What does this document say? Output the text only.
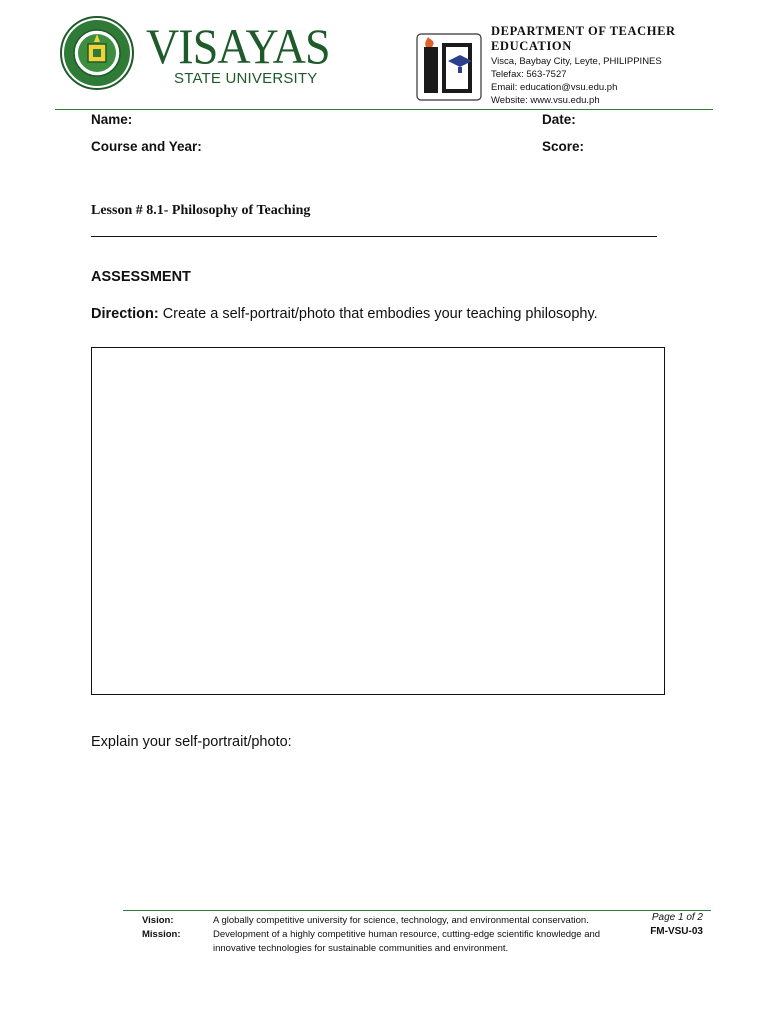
VISAYAS
STATE UNIVERSITY
DEPARTMENT OF TEACHER EDUCATION
Visca, Baybay City, Leyte, PHILIPPINES
Telefax: 563-7527
Email: education@vsu.edu.ph
Website: www.vsu.edu.ph
Name:	Date:
Course and Year:	Score:
Lesson # 8.1- Philosophy of Teaching
ASSESSMENT
Direction: Create a self-portrait/photo that embodies your teaching philosophy.
Explain your self-portrait/photo:
Vision:	A globally competitive university for science, technology, and environmental conservation.
Mission:	Development of a highly competitive human resource, cutting-edge scientific knowledge and innovative technologies for sustainable communities and environment.
Page 1 of 2
FM-VSU-03
